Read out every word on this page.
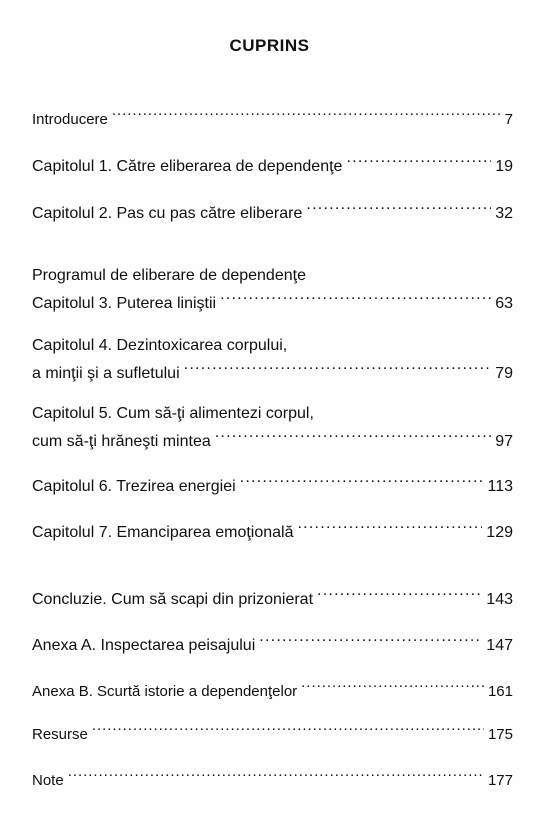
CUPRINS
Introducere . . .	7
Capitolul 1. Către eliberarea de dependenţe . . .	19
Capitolul 2. Pas cu pas către eliberare . . .	32
Programul de eliberare de dependenţe
Capitolul 3. Puterea liniştii . . .	63
Capitolul 4. Dezintoxicarea corpului,
a minţii şi a sufletului . . .	79
Capitolul 5. Cum să-ţi alimentezi corpul,
cum să-ţi hrăneşti mintea . . .	97
Capitolul 6. Trezirea energiei . . .	113
Capitolul 7. Emanciparea emoţională . . .	129
Concluzie. Cum să scapi din prizonierat . . .	143
Anexa A. Inspectarea peisajului . . .	147
Anexa B. Scurtă istorie a dependenţelor . . .	161
Resurse . . .	175
Note . . .	177
